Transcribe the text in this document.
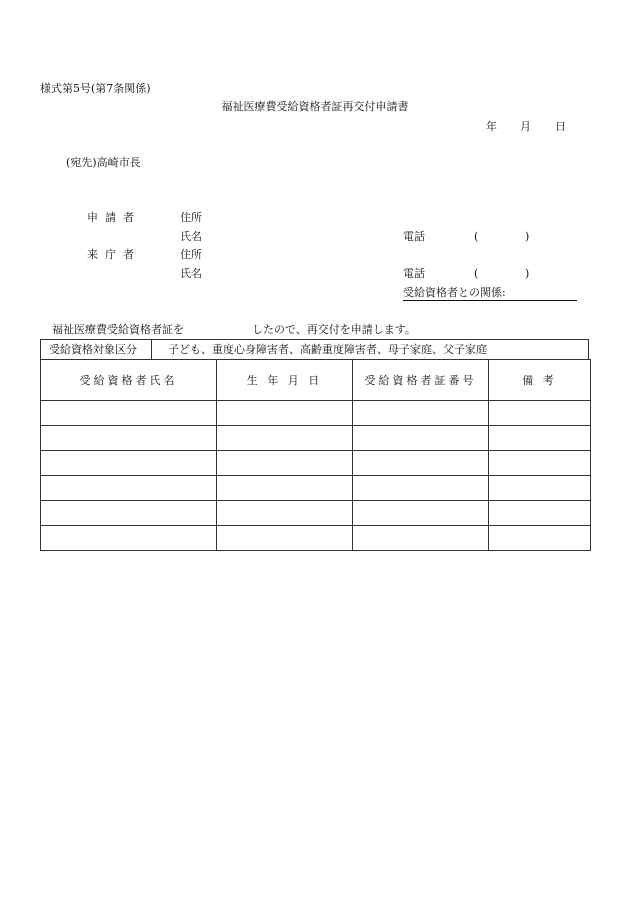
様式第5号(第7条関係)
福祉医療費受給資格者証再交付申請書
年 月 日
(宛先)高崎市長
申請者	住所
氏名	電話	(	)
来庁者	住所
氏名	電話	(	)
受給資格者との関係:
福祉医療費受給資格者証を	したので、再交付を申請します。
受給資格対象区分	子ども、重度心身障害者、高齢重度障害者、母子家庭、父子家庭
受給資格者氏名	生 年 月 日	受給資格者証番号	備 考
